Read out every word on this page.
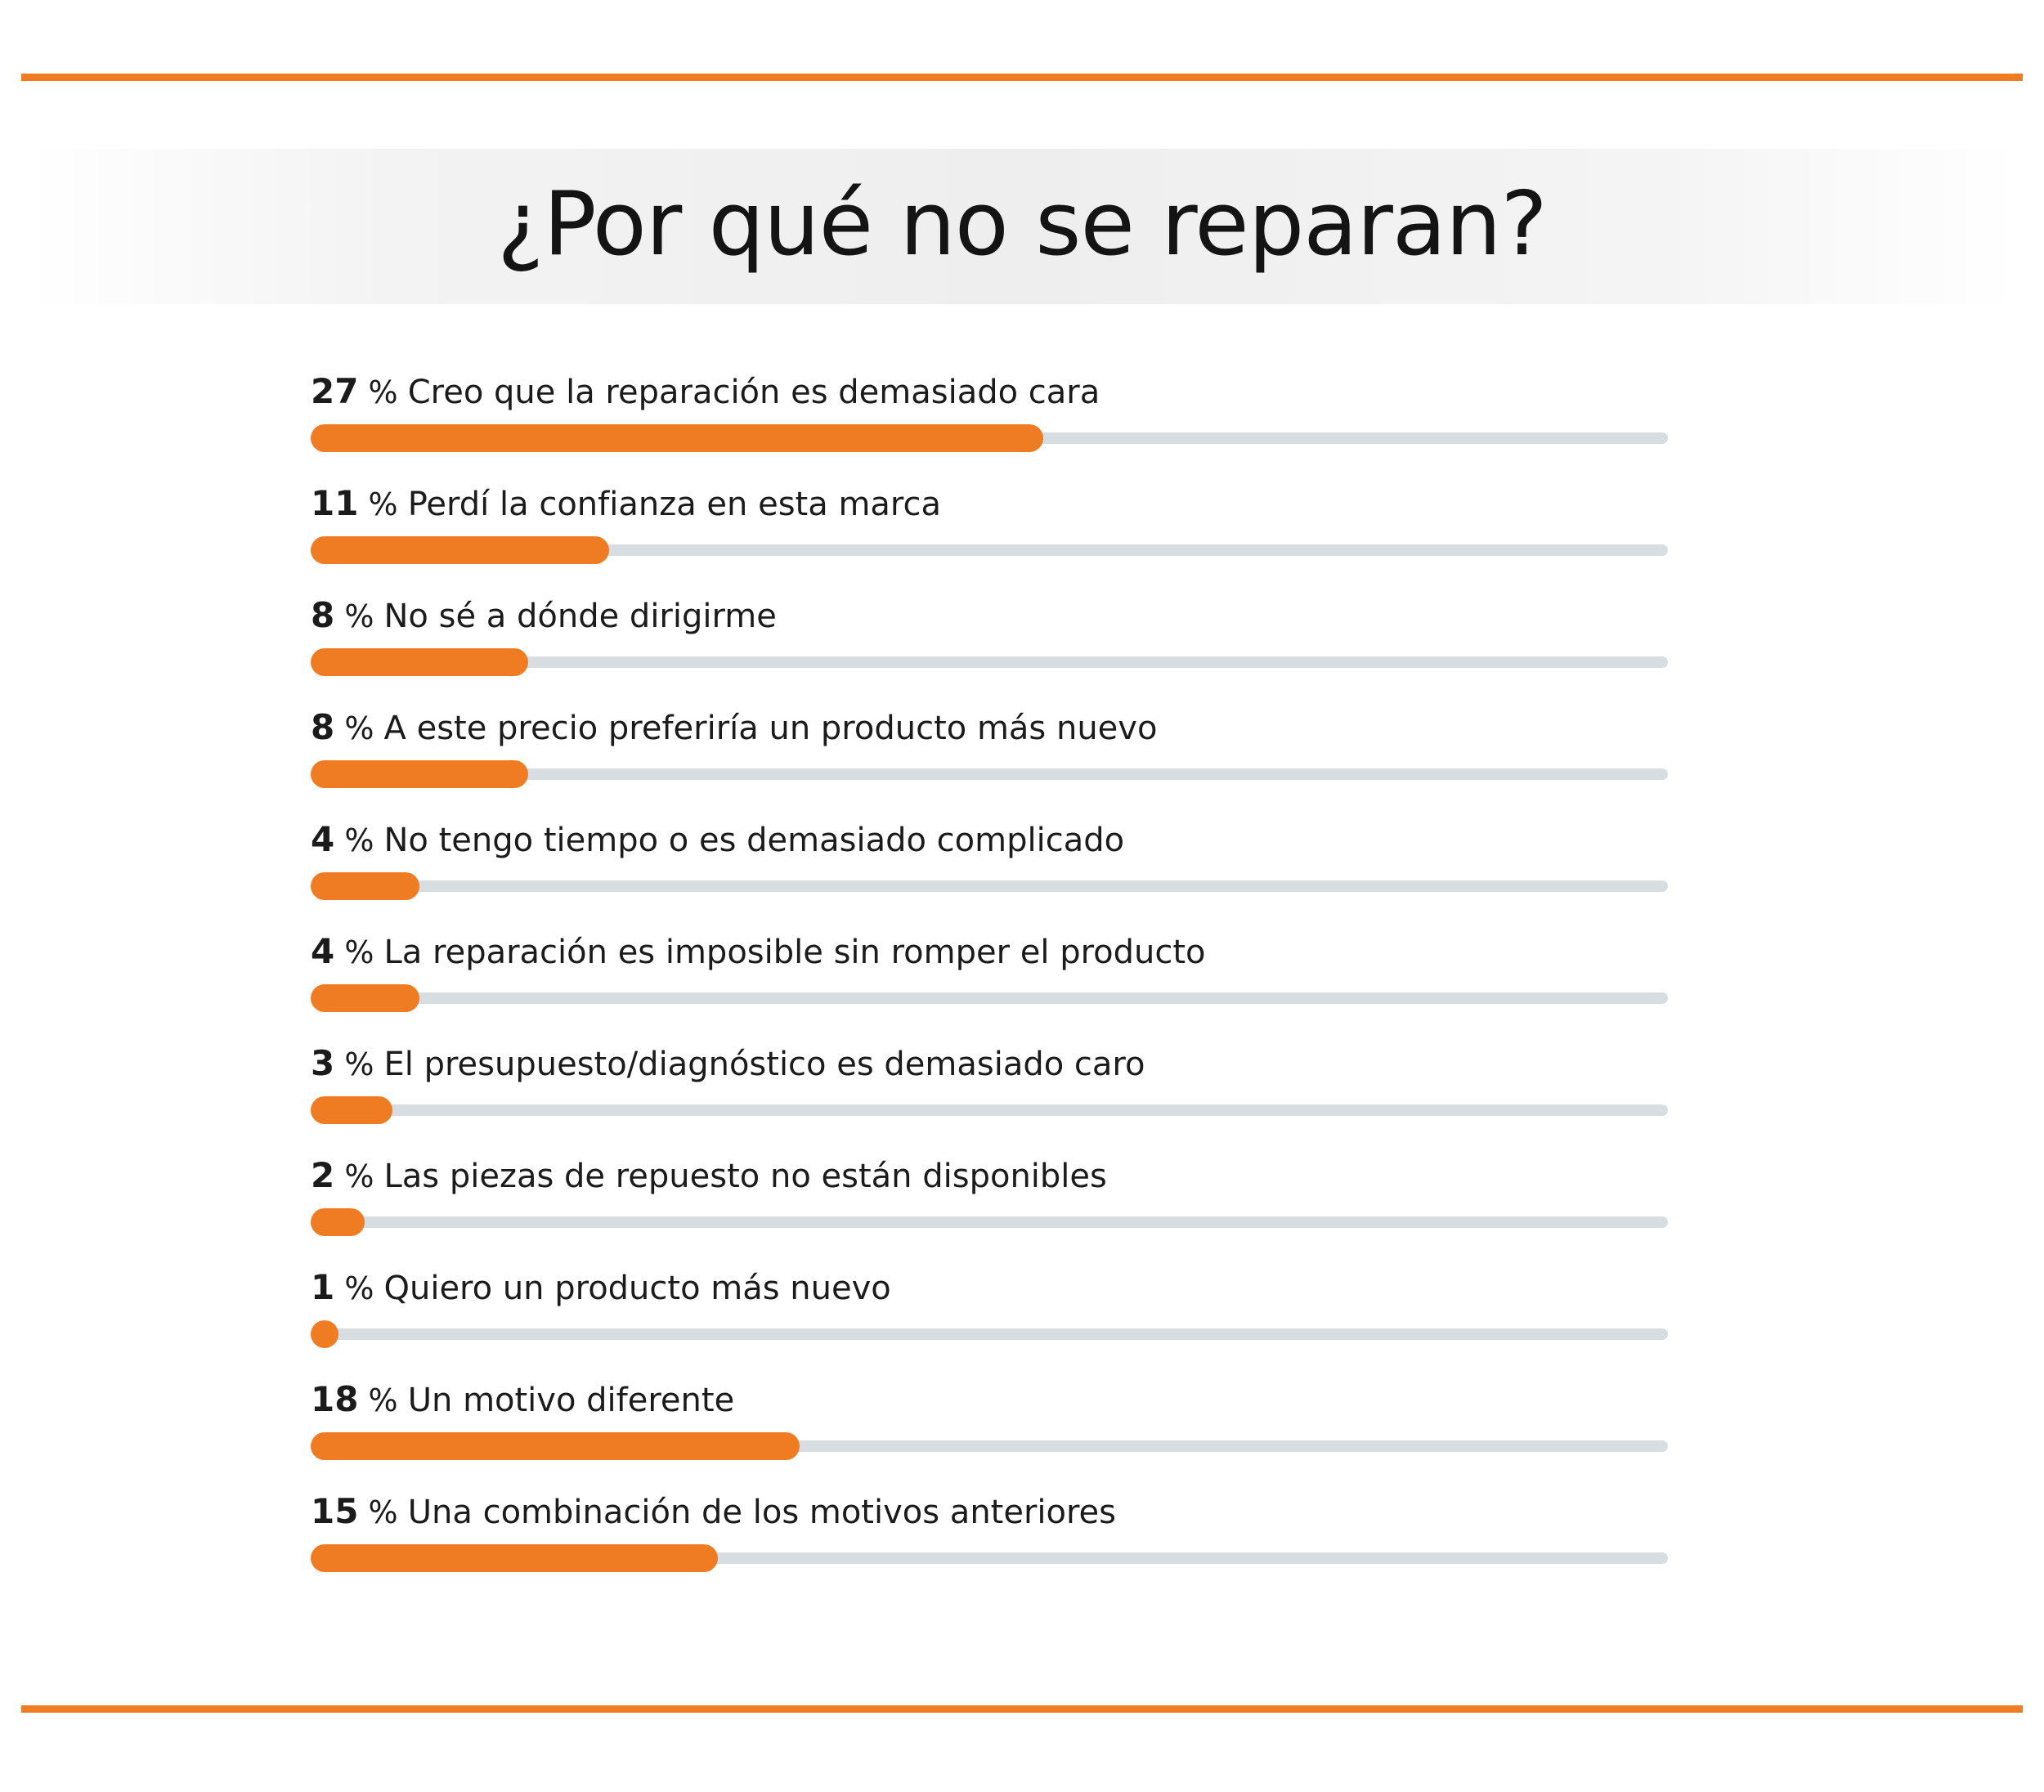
¿Por qué no se reparan?
27 % Creo que la reparación es demasiado cara
11 % Perdí la confianza en esta marca
8 % No sé a dónde dirigirme
8 % A este precio preferiría un producto más nuevo
4 % No tengo tiempo o es demasiado complicado
4 % La reparación es imposible sin romper el producto
3 % El presupuesto/diagnóstico es demasiado caro
2 % Las piezas de repuesto no están disponibles
1 % Quiero un producto más nuevo
18 % Un motivo diferente
15 % Una combinación de los motivos anteriores
